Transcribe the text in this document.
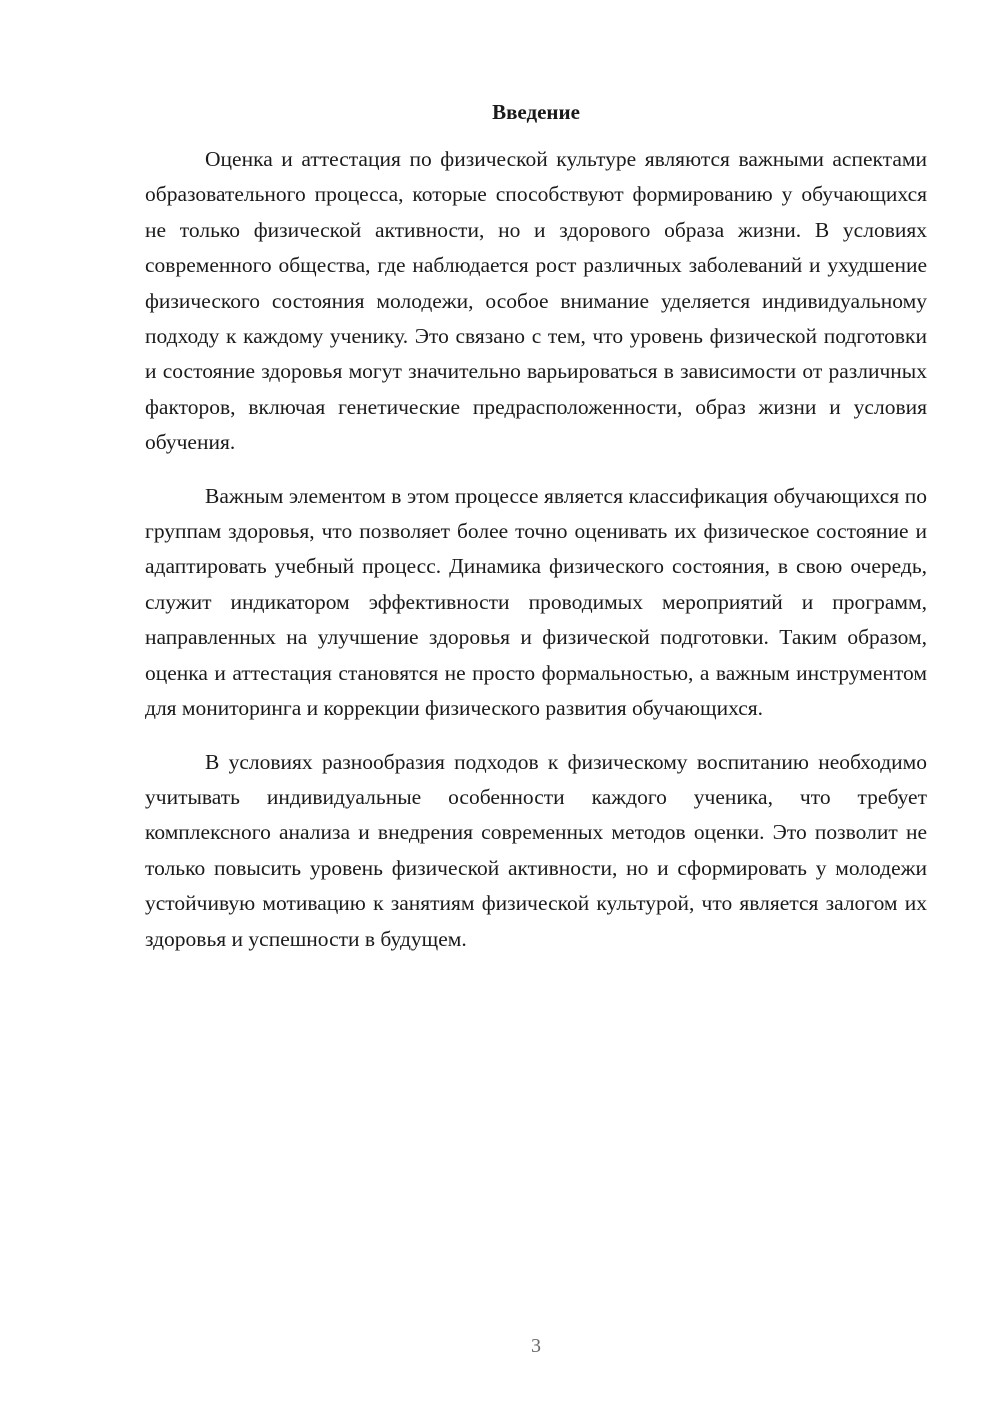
Введение

Оценка и аттестация по физической культуре являются важными аспектами образовательного процесса, которые способствуют формированию у обучающихся не только физической активности, но и здорового образа жизни. В условиях современного общества, где наблюдается рост различных заболеваний и ухудшение физического состояния молодежи, особое внимание уделяется индивидуальному подходу к каждому ученику. Это связано с тем, что уровень физической подготовки и состояние здоровья могут значительно варьироваться в зависимости от различных факторов, включая генетические предрасположенности, образ жизни и условия обучения.

Важным элементом в этом процессе является классификация обучающихся по группам здоровья, что позволяет более точно оценивать их физическое состояние и адаптировать учебный процесс. Динамика физического состояния, в свою очередь, служит индикатором эффективности проводимых мероприятий и программ, направленных на улучшение здоровья и физической подготовки. Таким образом, оценка и аттестация становятся не просто формальностью, а важным инструментом для мониторинга и коррекции физического развития обучающихся.

В условиях разнообразия подходов к физическому воспитанию необходимо учитывать индивидуальные особенности каждого ученика, что требует комплексного анализа и внедрения современных методов оценки. Это позволит не только повысить уровень физической активности, но и сформировать у молодежи устойчивую мотивацию к занятиям физической культурой, что является залогом их здоровья и успешности в будущем.

3
